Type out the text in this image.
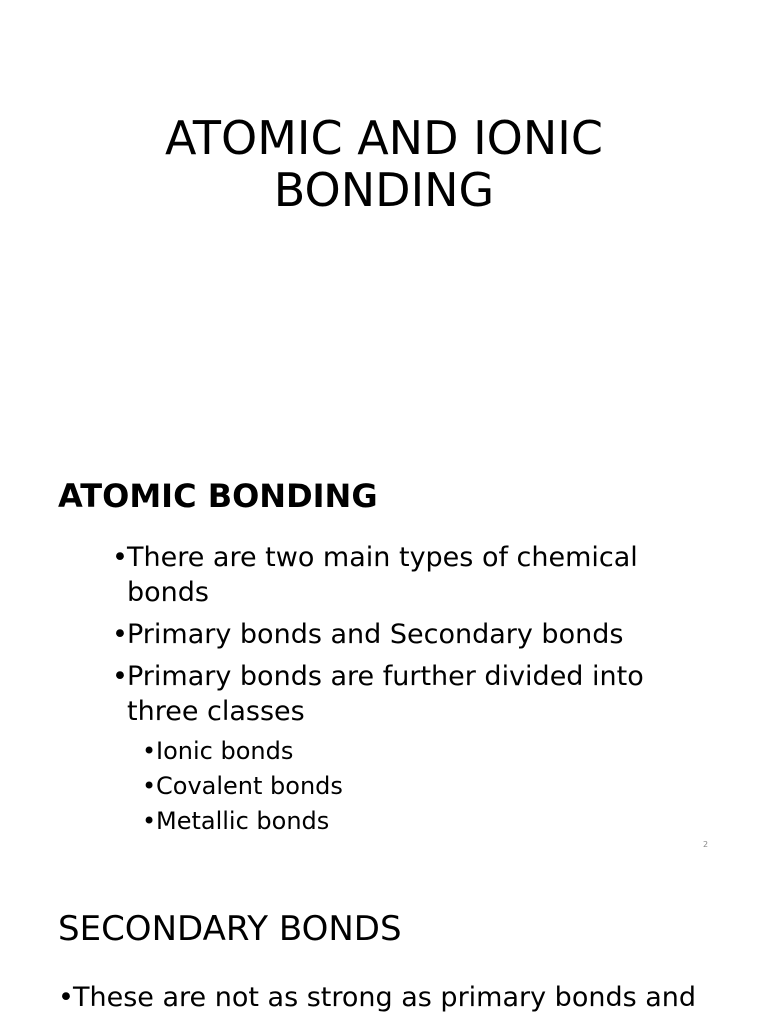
ATOMIC AND IONIC
BONDING
ATOMIC BONDING
• There are two main types of chemical bonds
• Primary bonds and Secondary bonds
• Primary bonds are further divided into three classes
• Ionic bonds
• Covalent bonds
• Metallic bonds
2
SECONDARY BONDS
• These are not as strong as primary bonds and
